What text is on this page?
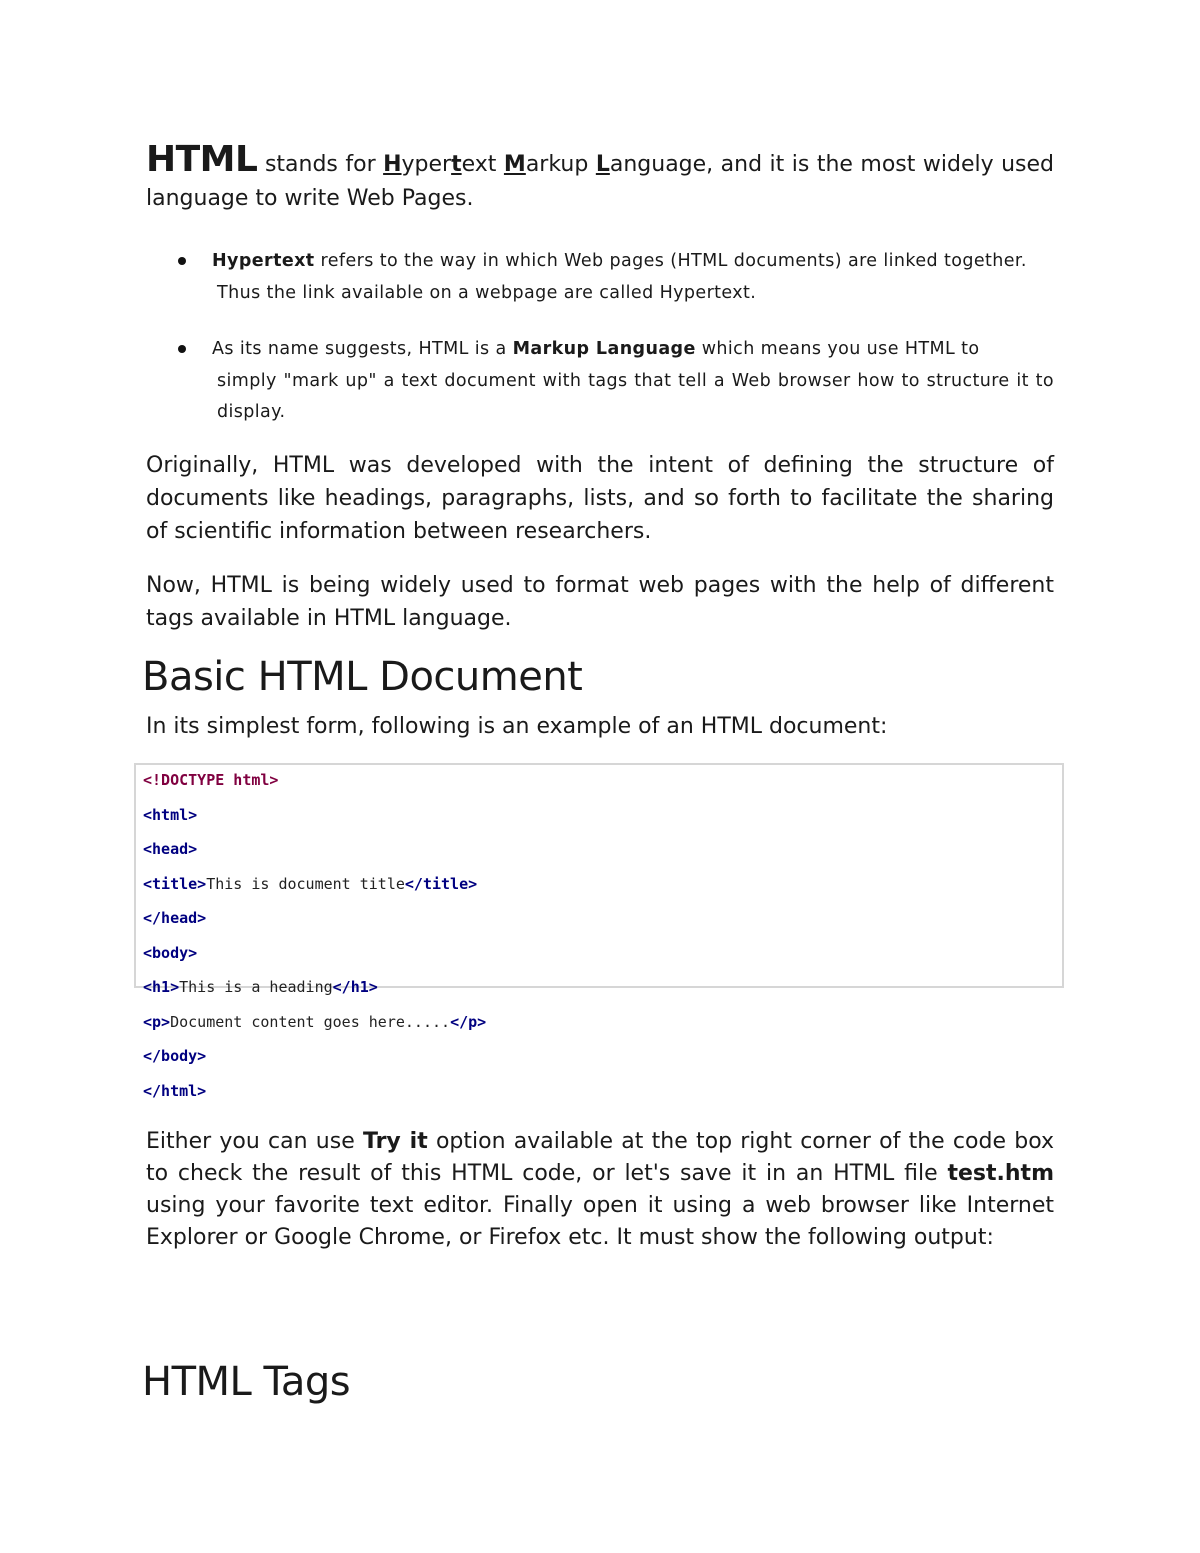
HTML stands for Hypertext Markup Language, and it is the most widely used language to write Web Pages.

Hypertext refers to the way in which Web pages (HTML documents) are linked together.
Thus the link available on a webpage are called Hypertext.
As its name suggests, HTML is a Markup Language which means you use HTML to
simply "mark up" a text document with tags that tell a Web browser how to structure it to display.

Originally, HTML was developed with the intent of defining the structure of documents like headings, paragraphs, lists, and so forth to facilitate the sharing of scientific information between researchers.

Now, HTML is being widely used to format web pages with the help of different tags available in HTML language.

Basic HTML Document

In its simplest form, following is an example of an HTML document:

<!DOCTYPE html>
<html>
<head>
<title>This is document title</title>
</head>
<body>
<h1>This is a heading</h1>
<p>Document content goes here.....</p>
</body>
</html>

Either you can use Try it option available at the top right corner of the code box to check the result of this HTML code, or let's save it in an HTML file test.htm using your favorite text editor. Finally open it using a web browser like Internet Explorer or Google Chrome, or Firefox etc. It must show the following output:

HTML Tags
